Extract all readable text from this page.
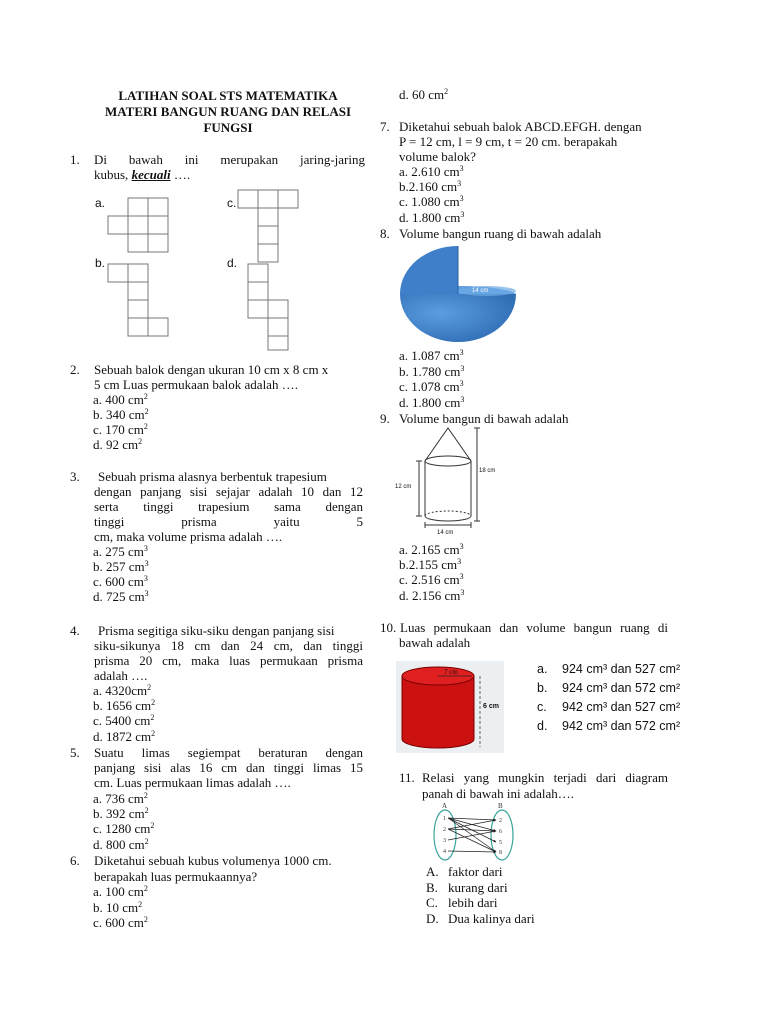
LATIHAN SOAL STS MATEMATIKA
MATERI BANGUN RUANG DAN RELASI
FUNGSI
1. Di bawah ini merupakan jaring-jaring
kubus, kecuali ….
a.
b.
c.
d.
2. Sebuah balok dengan ukuran 10 cm x 8 cm x
5 cm Luas permukaan balok adalah ….
a. 400 $cm^2$
b. 340 $cm^2$
c. 170 $cm^2$
d. 92 $cm^2$
3. Sebuah prisma alasnya berbentuk trapesium
dengan panjang sisi sejajar adalah 10 dan 12
serta tinggi trapesium sama dengan
tinggi prisma yaitu 5
cm, maka volume prisma adalah ….
a. 275 $cm^3$
b. 257 $cm^3$
c. 600 $cm^3$
d. 725 $cm^3$
4. Prisma segitiga siku-siku dengan panjang sisi
siku-sikunya 18 cm dan 24 cm, dan tinggi
prisma 20 cm, maka luas permukaan prisma
adalah ….
a. $4320cm^2$
b. 1656 $cm^2$
c. 5400 $cm^2$
d. 1872 $cm^2$
5. Suatu limas segiempat beraturan dengan
panjang sisi alas 16 cm dan tinggi limas 15
cm. Luas permukaan limas adalah ….
a. 736 $cm^2$
b. 392 $cm^2$
c. 1280 $cm^2$
d. 800 $cm^2$
6. Diketahui sebuah kubus volumenya 1000 cm.
berapakah luas permukaannya?
a. 100 $cm^2$
b. 10 $cm^2$
c. 600 $cm^2$
d. 60 $cm^2$
7. Diketahui sebuah balok ABCD.EFGH. dengan
P = 12 cm, l = 9 cm, t = 20 cm. berapakah
volume balok?
a. 2.610 $cm^3$
b.2.160 $cm^3$
c. 1.080 $cm^3$
d. 1.800 $cm^3$
8. Volume bangun ruang di bawah adalah
14 cm
a. 1.087 $cm^3$
b. 1.780 $cm^3$
c. 1.078 $cm^3$
d. 1.800 $cm^3$
9. Volume bangun di bawah adalah
18 cm
12 cm
14 cm
a. 2.165 $cm^3$
b.2.155 $cm^3$
c. 2.516 $cm^3$
d. 2.156 $cm^3$
10. Luas permukaan dan volume bangun ruang di
bawah adalah
7 cm
6 cm
a. 924 cm³ dan 527 cm²
b. 924 cm³ dan 572 cm²
c. 942 cm³ dan 527 cm²
d. 942 cm³ dan 572 cm²
11. Relasi yang mungkin terjadi dari diagram
panah di bawah ini adalah….
A	B
1
2
3
4
2
6
5
8
A. faktor dari
B. kurang dari
C. lebih dari
D. Dua kalinya dari
